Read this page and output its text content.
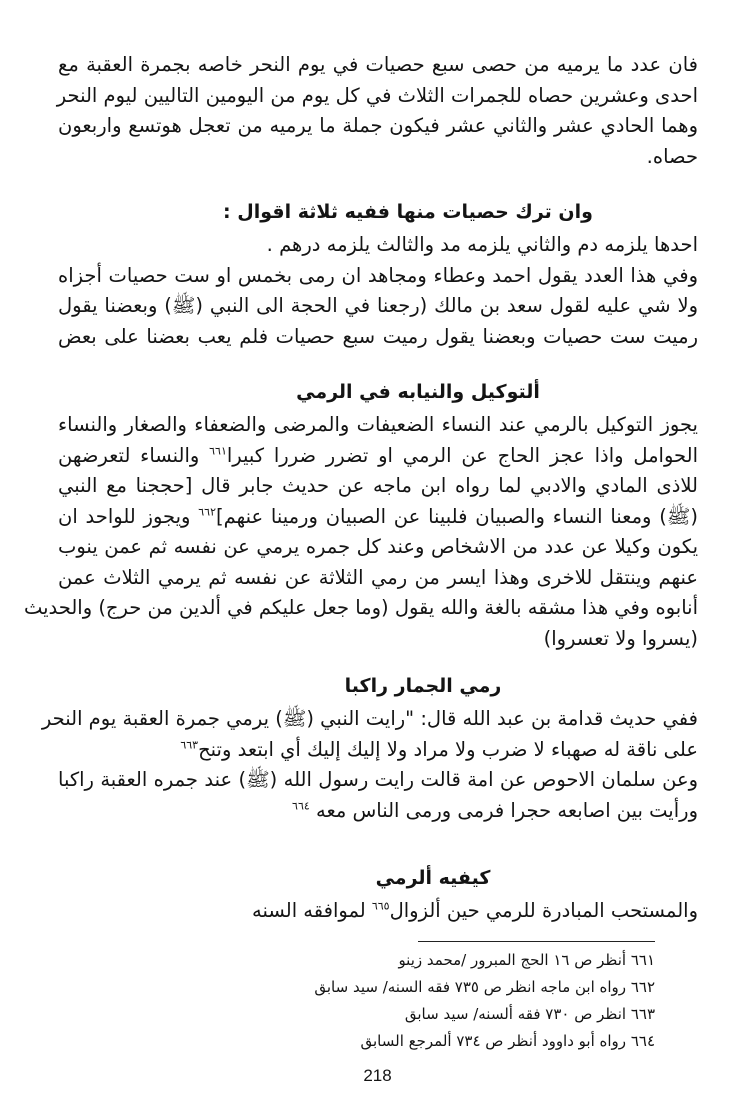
فان عدد ما يرميه من حصى سبع حصيات في يوم النحر خاصه بجمرة العقبة مع
احدى وعشرين حصاه للجمرات الثلاث في كل يوم من اليومين التاليين ليوم النحر
وهما الحادي عشر والثاني عشر فيكون جملة ما يرميه من تعجل هوتسع واربعون
حصاه.

وان ترك حصيات منها ففيه ثلاثة اقوال :

احدها يلزمه دم والثاني يلزمه مد والثالث يلزمه درهم .
وفي هذا العدد يقول احمد وعطاء ومجاهد ان رمى بخمس او ست حصيات أجزاه
ولا شي عليه لقول سعد بن مالك (رجعنا في الحجة الى النبي (ﷺ) وبعضنا يقول
رميت ست حصيات وبعضنا يقول رميت سبع حصيات فلم يعب بعضنا على بعض

ألتوكيل والنيابه في الرمي

يجوز التوكيل بالرمي عند النساء الضعيفات والمرضى والضعفاء والصغار والنساء
الحوامل واذا عجز الحاج عن الرمي او تضرر ضررا كبيرا$^{٦٦١}$ والنساء لتعرضهن
للاذى المادي والادبي لما رواه ابن ماجه عن حديث جابر قال [حججنا مع النبي
(ﷺ) ومعنا النساء والصبيان فلبينا عن الصبيان ورمينا عنهم]$^{٦٦٢}$ ويجوز للواحد ان
يكون وكيلا عن عدد من الاشخاص وعند كل جمره يرمي عن نفسه ثم عمن ينوب
عنهم وينتقل للاخرى وهذا ايسر من رمي الثلاثة عن نفسه ثم يرمي الثلاث عمن
أنابوه وفي هذا مشقه بالغة والله يقول (وما جعل عليكم في ألدين من حرج) والحديث
(يسروا ولا تعسروا)

رمي الجمار راكبا

ففي حديث قدامة بن عبد الله قال: "رايت النبي (ﷺ) يرمي جمرة العقبة يوم النحر
على ناقة له صهباء لا ضرب ولا مراد ولا إليك إليك أي ابتعد وتنح$^{٦٦٣}$
وعن سلمان الاحوص عن امة قالت رايت رسول الله (ﷺ) عند جمره العقبة راكبا
ورأيت بين اصابعه حجرا فرمى ورمى الناس معه $^{٦٦٤}$

كيفيه ألرمي

والمستحب المبادرة للرمي حين ألزوال$^{٦٦٥}$ لموافقه السنه

٦٦١ أنظر ص ١٦ الحج المبرور /محمد زينو
٦٦٢ رواه ابن ماجه انظر ص ٧٣٥ فقه السنه/ سيد سابق
٦٦٣ انظر ص ٧٣٠ فقه ألسنه/ سيد سابق
٦٦٤ رواه أبو داوود أنظر ص ٧٣٤ ألمرجع السابق
218
